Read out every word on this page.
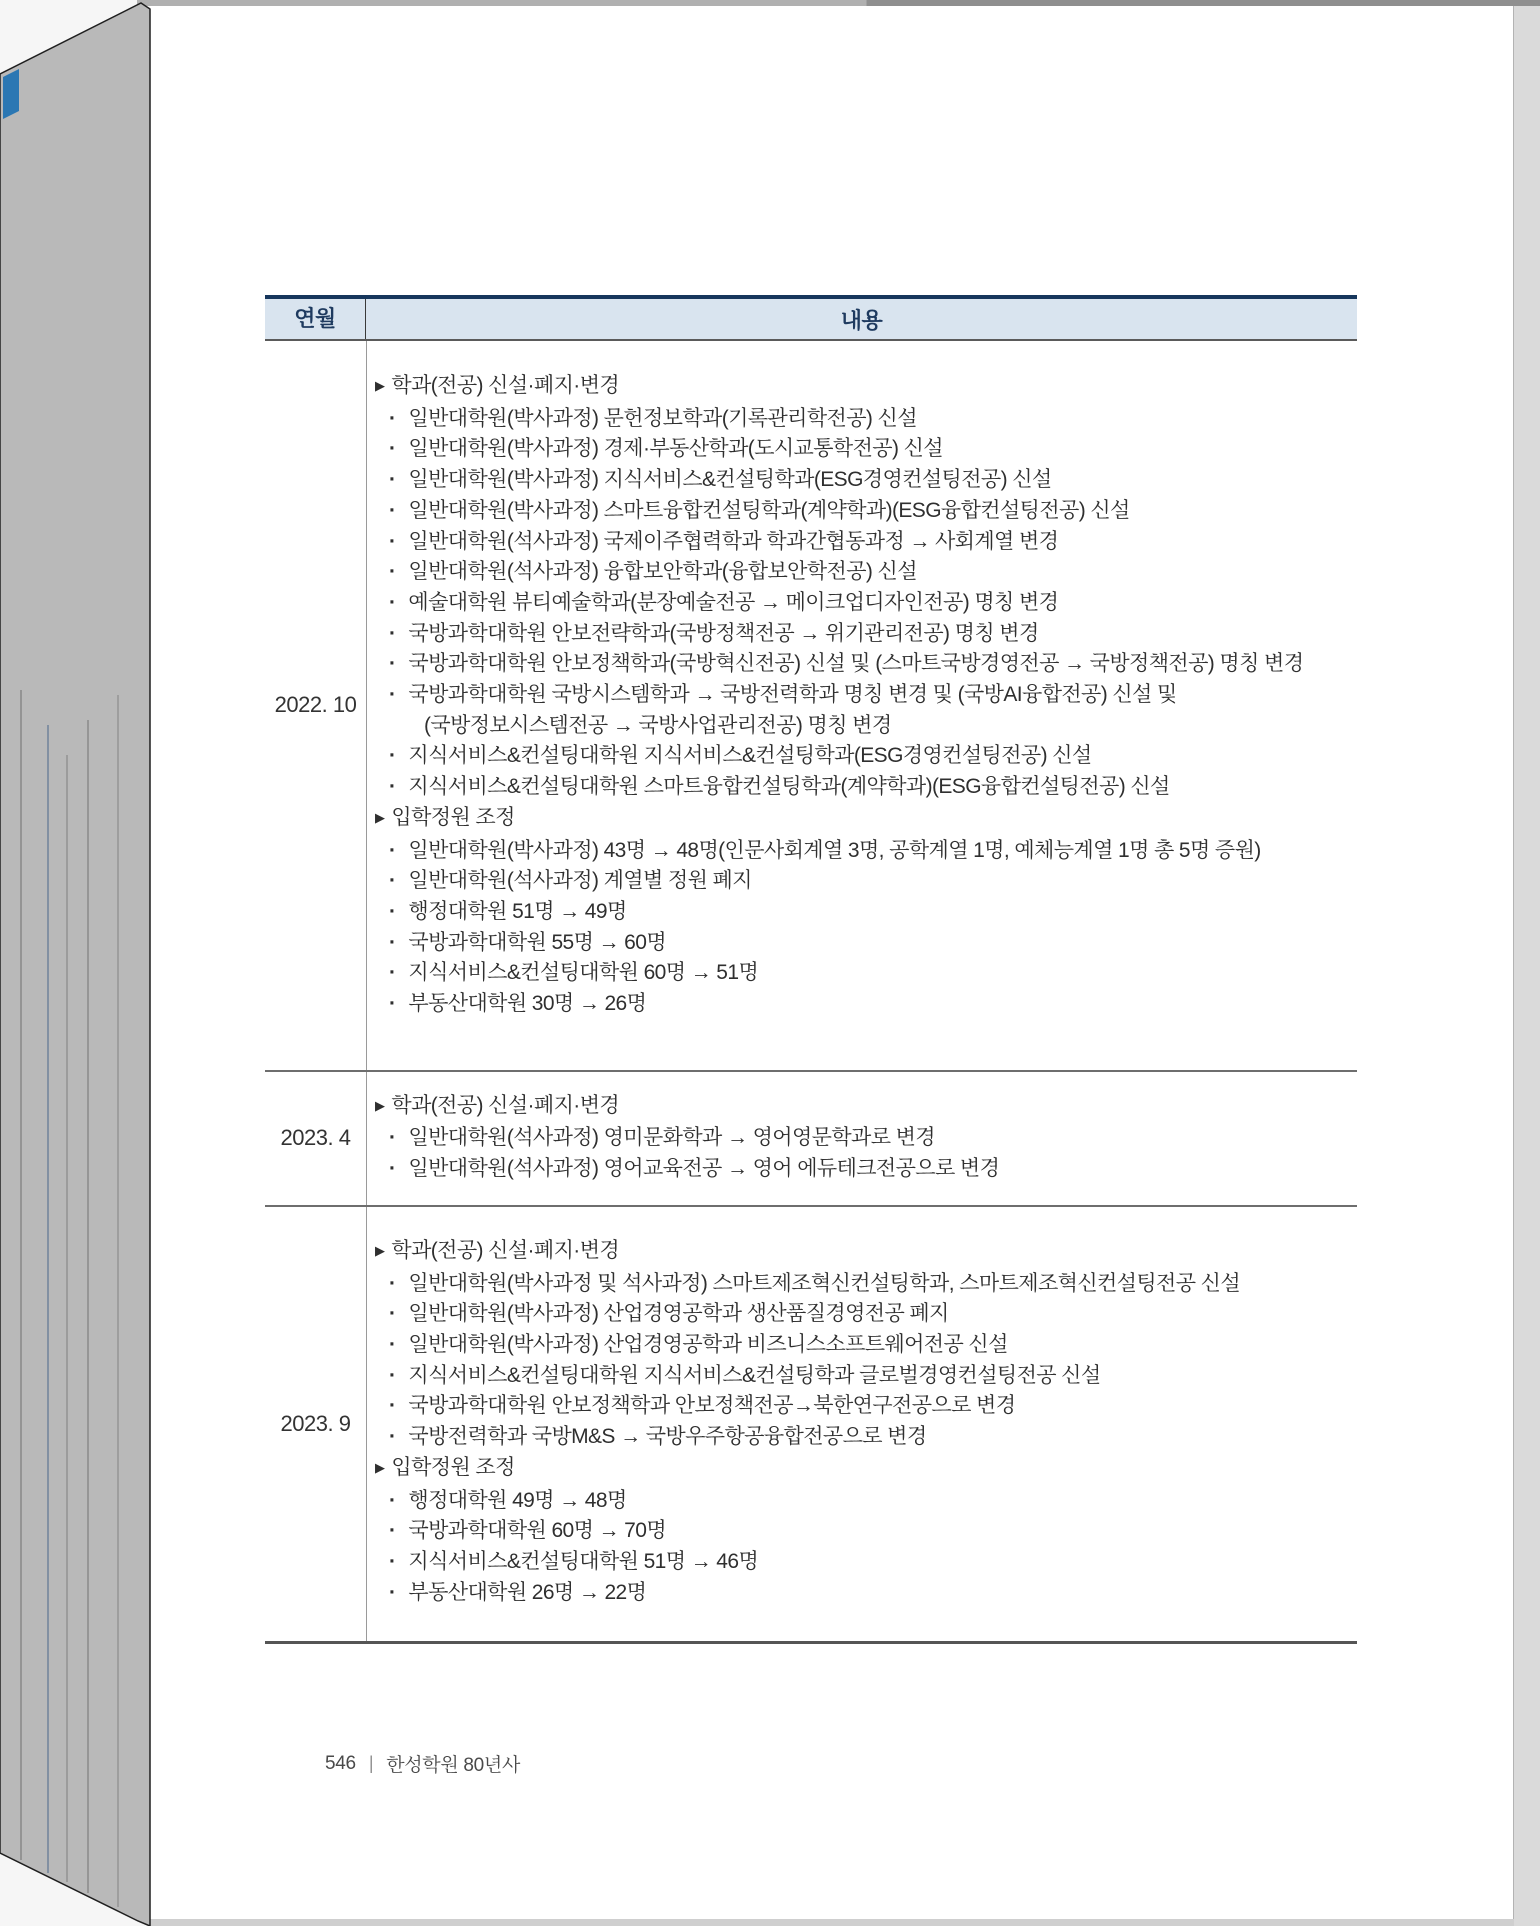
연월	내용
2022. 10
▶ 학과(전공) 신설·폐지·변경
· 일반대학원(박사과정) 문헌정보학과(기록관리학전공) 신설
· 일반대학원(박사과정) 경제·부동산학과(도시교통학전공) 신설
· 일반대학원(박사과정) 지식서비스&컨설팅학과(ESG경영컨설팅전공) 신설
· 일반대학원(박사과정) 스마트융합컨설팅학과(계약학과)(ESG융합컨설팅전공) 신설
· 일반대학원(석사과정) 국제이주협력학과 학과간협동과정 → 사회계열 변경
· 일반대학원(석사과정) 융합보안학과(융합보안학전공) 신설
· 예술대학원 뷰티예술학과(분장예술전공 → 메이크업디자인전공) 명칭 변경
· 국방과학대학원 안보전략학과(국방정책전공 → 위기관리전공) 명칭 변경
· 국방과학대학원 안보정책학과(국방혁신전공) 신설 및 (스마트국방경영전공 → 국방정책전공) 명칭 변경
· 국방과학대학원 국방시스템학과 → 국방전력학과 명칭 변경 및 (국방AI융합전공) 신설 및
(국방정보시스템전공 → 국방사업관리전공) 명칭 변경
· 지식서비스&컨설팅대학원 지식서비스&컨설팅학과(ESG경영컨설팅전공) 신설
· 지식서비스&컨설팅대학원 스마트융합컨설팅학과(계약학과)(ESG융합컨설팅전공) 신설
▶ 입학정원 조정
· 일반대학원(박사과정) 43명 → 48명(인문사회계열 3명, 공학계열 1명, 예체능계열 1명 총 5명 증원)
· 일반대학원(석사과정) 계열별 정원 폐지
· 행정대학원 51명 → 49명
· 국방과학대학원 55명 → 60명
· 지식서비스&컨설팅대학원 60명 → 51명
· 부동산대학원 30명 → 26명
2023. 4
▶ 학과(전공) 신설·폐지·변경
· 일반대학원(석사과정) 영미문화학과 → 영어영문학과로 변경
· 일반대학원(석사과정) 영어교육전공 → 영어 에듀테크전공으로 변경
2023. 9
▶ 학과(전공) 신설·폐지·변경
· 일반대학원(박사과정 및 석사과정) 스마트제조혁신컨설팅학과, 스마트제조혁신컨설팅전공 신설
· 일반대학원(박사과정) 산업경영공학과 생산품질경영전공 폐지
· 일반대학원(박사과정) 산업경영공학과 비즈니스소프트웨어전공 신설
· 지식서비스&컨설팅대학원 지식서비스&컨설팅학과 글로벌경영컨설팅전공 신설
· 국방과학대학원 안보정책학과 안보정책전공→북한연구전공으로 변경
· 국방전력학과 국방M&S → 국방우주항공융합전공으로 변경
▶ 입학정원 조정
· 행정대학원 49명 → 48명
· 국방과학대학원 60명 → 70명
· 지식서비스&컨설팅대학원 51명 → 46명
· 부동산대학원 26명 → 22명
546 | 한성학원 80년사
